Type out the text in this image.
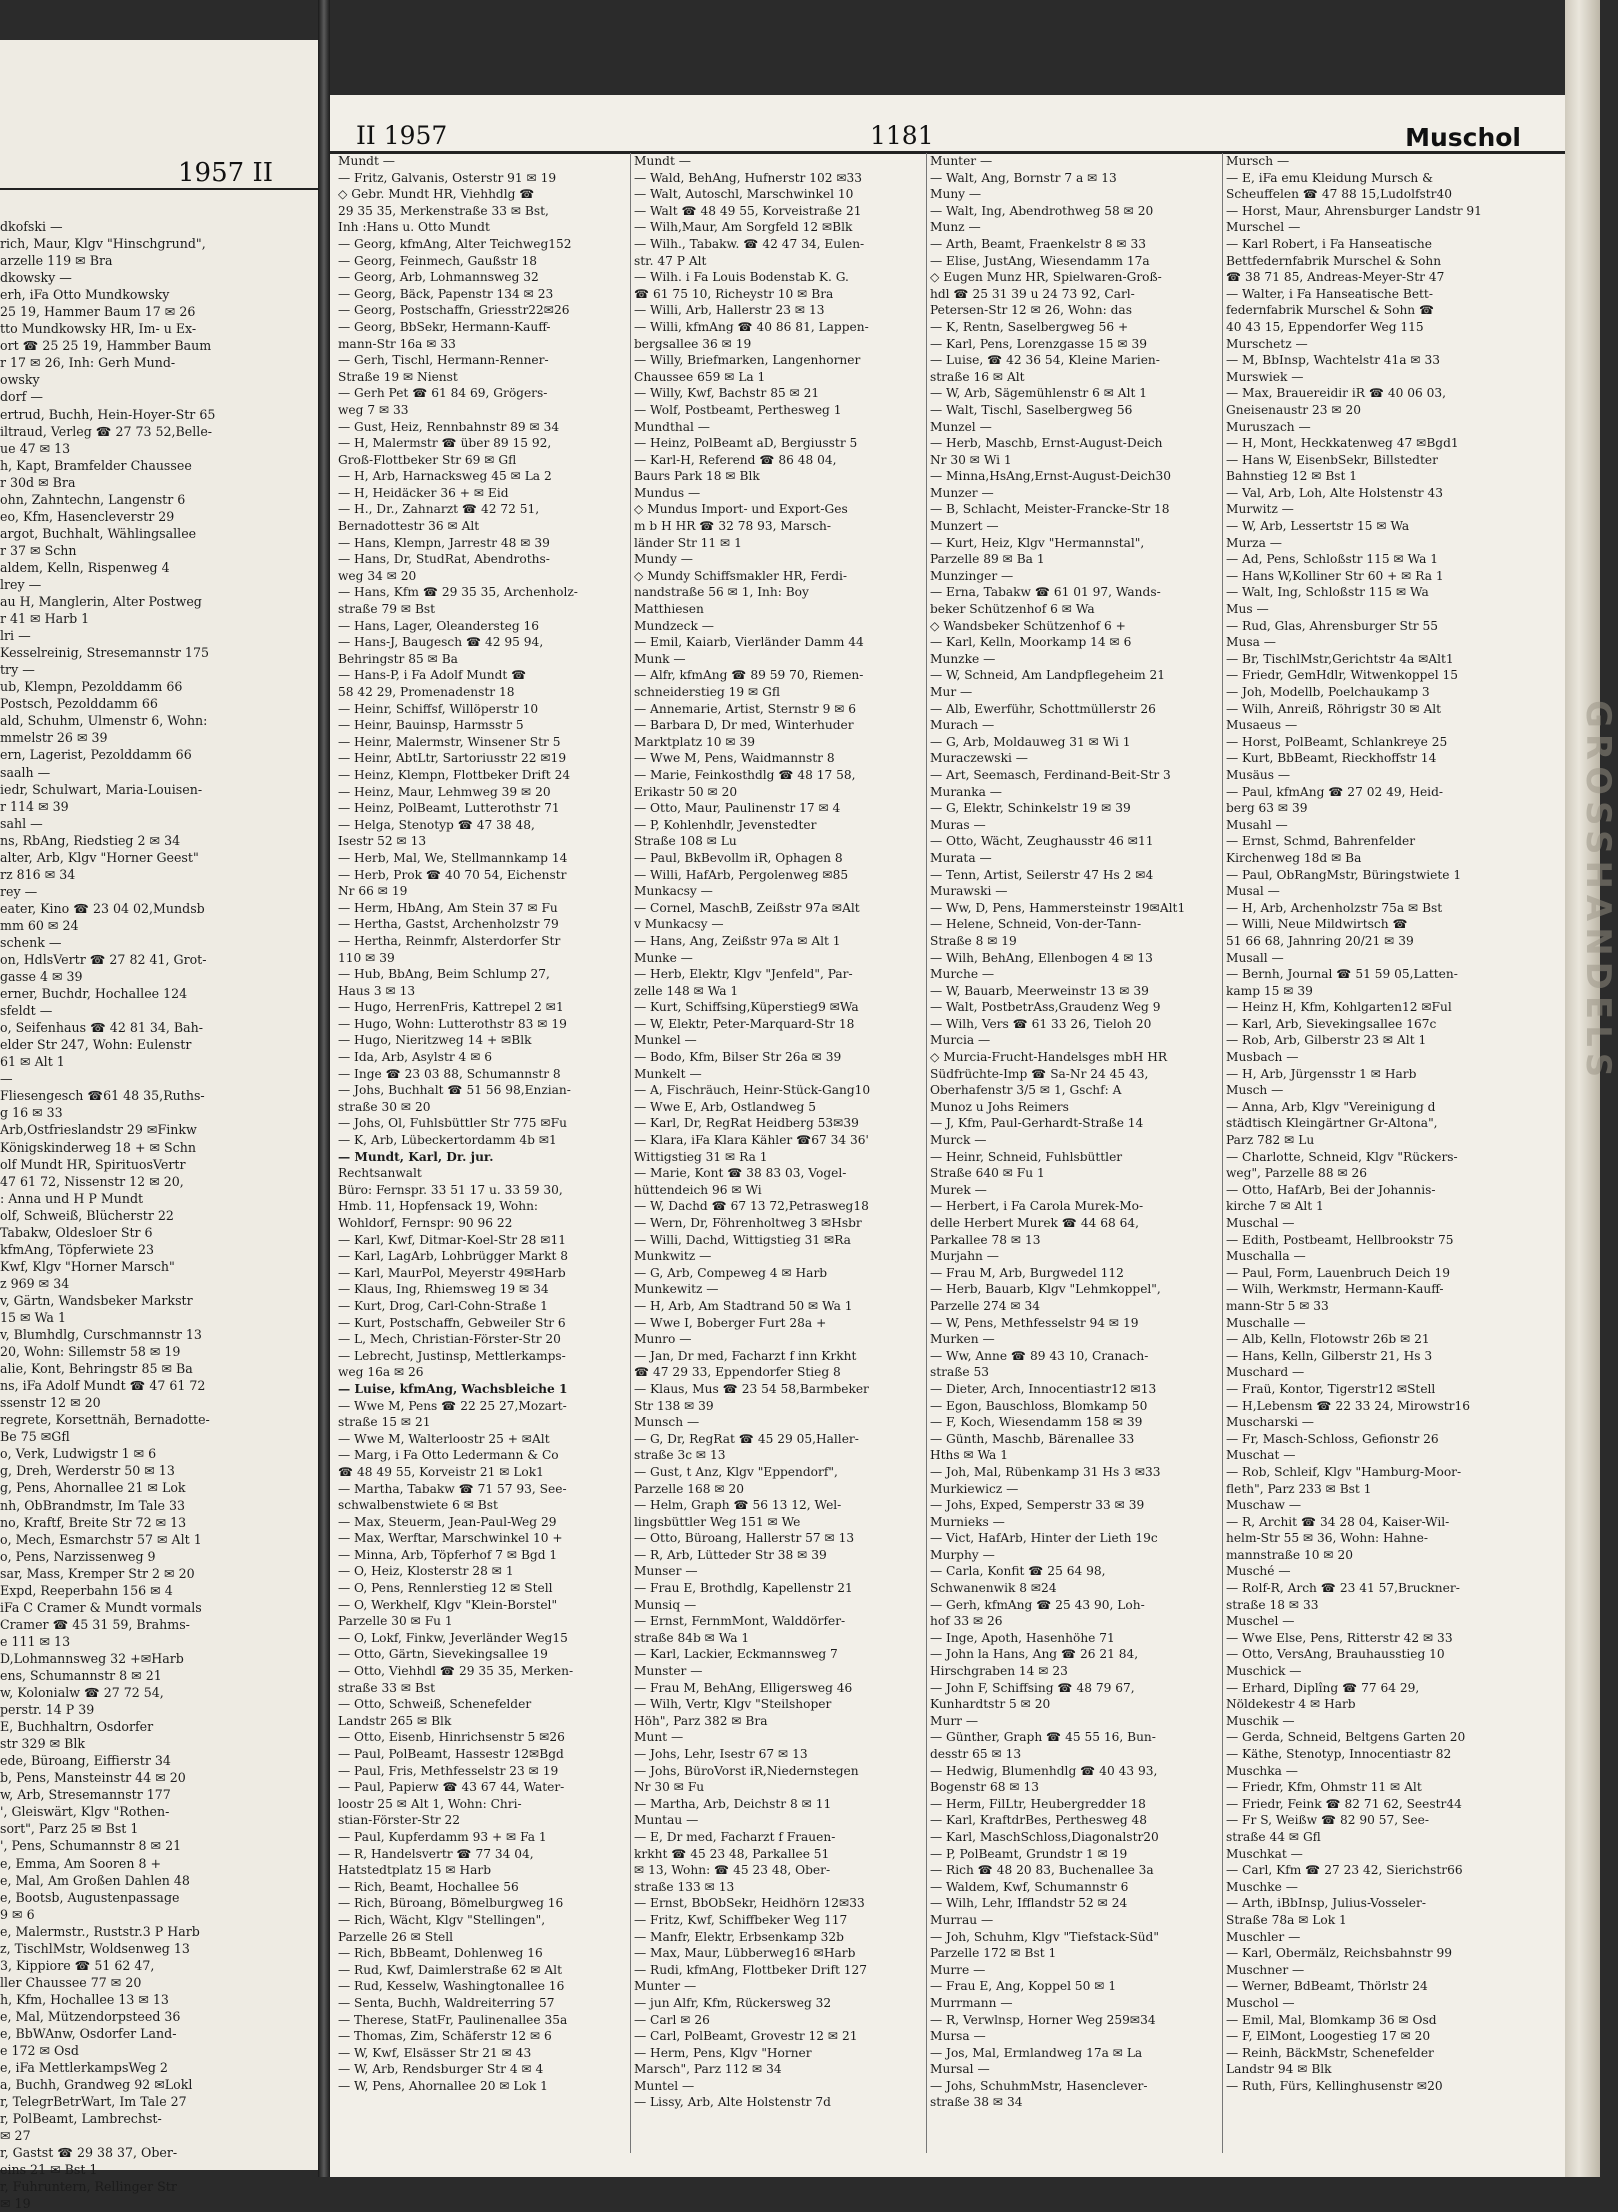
1957 II
dkofski —
rich, Maur, Klgv "Hinschgrund",
arzelle 119 ✉ Bra
dkowsky —
erh, iFa Otto Mundkowsky
25 19, Hammer Baum 17 ✉ 26
tto Mundkowsky HR, Im- u Ex-
ort ☎ 25 25 19, Hammber Baum
r 17 ✉ 26, Inh: Gerh Mund-
owsky
dorf —
ertrud, Buchh, Hein-Hoyer-Str 65
iltraud, Verleg ☎ 27 73 52,Belle-
ue 47 ✉ 13
h, Kapt, Bramfelder Chaussee
r 30d ✉ Bra
ohn, Zahntechn, Langenstr 6
eo, Kfm, Hasencleverstr 29
argot, Buchhalt, Wählingsallee
r 37 ✉ Schn
aldem, Kelln, Rispenweg 4
lrey —
au H, Manglerin, Alter Postweg
r 41 ✉ Harb 1
lri —
Kesselreinig, Stresemannstr 175
try —
ub, Klempn, Pezolddamm 66
Postsch, Pezolddamm 66
ald, Schuhm, Ulmenstr 6, Wohn:
mmelstr 26 ✉ 39
ern, Lagerist, Pezolddamm 66
saalh —
iedr, Schulwart, Maria-Louisen-
r 114 ✉ 39
sahl —
ns, RbAng, Riedstieg 2 ✉ 34
alter, Arb, Klgv "Horner Geest"
rz 816 ✉ 34
rey —
eater, Kino ☎ 23 04 02,Mundsb
mm 60 ✉ 24
schenk —
on, HdlsVertr ☎ 27 82 41, Grot-
gasse 4 ✉ 39
erner, Buchdr, Hochallee 124
sfeldt —
o, Seifenhaus ☎ 42 81 34, Bah-
elder Str 247, Wohn: Eulenstr
61 ✉ Alt 1
—
Fliesengesch ☎61 48 35,Ruths-
g 16 ✉ 33
Arb,Ostfrieslandstr 29 ✉Finkw
Königskinderweg 18 + ✉ Schn
olf Mundt HR, SpirituosVertr
47 61 72, Nissenstr 12 ✉ 20,
: Anna und H P Mundt
olf, Schweiß, Blücherstr 22
Tabakw, Oldesloer Str 6
kfmAng, Töpferwiete 23
Kwf, Klgv "Horner Marsch"
z 969 ✉ 34
v, Gärtn, Wandsbeker Markstr
15 ✉ Wa 1
v, Blumhdlg, Curschmannstr 13
20, Wohn: Sillemstr 58 ✉ 19
alie, Kont, Behringstr 85 ✉ Ba
ns, iFa Adolf Mundt ☎ 47 61 72
ssenstr 12 ✉ 20
regrete, Korsettnäh, Bernadotte-
Be 75 ✉Gfl
o, Verk, Ludwigstr 1 ✉ 6
g, Dreh, Werderstr 50 ✉ 13
g, Pens, Ahornallee 21 ✉ Lok
nh, ObBrandmstr, Im Tale 33
no, Kraftf, Breite Str 72 ✉ 13
o, Mech, Esmarchstr 57 ✉ Alt 1
o, Pens, Narzissenweg 9
sar, Mass, Kremper Str 2 ✉ 20
Expd, Reeperbahn 156 ✉ 4
iFa C Cramer & Mundt vormals
Cramer ☎ 45 31 59, Brahms-
e 111 ✉ 13
D,Lohmannsweg 32 +✉Harb
ens, Schumannstr 8 ✉ 21
w, Kolonialw ☎ 27 72 54,
perstr. 14 P 39
E, Buchhaltrn, Osdorfer
str 329 ✉ Blk
ede, Büroang, Eiffierstr 34
b, Pens, Mansteinstr 44 ✉ 20
w, Arb, Stresemannstr 177
', Gleiswärt, Klgv "Rothen-
sort", Parz 25 ✉ Bst 1
', Pens, Schumannstr 8 ✉ 21
e, Emma, Am Sooren 8 +
e, Mal, Am Großen Dahlen 48
e, Bootsb, Augustenpassage
9 ✉ 6
e, Malermstr., Ruststr.3 P Harb
z, TischlMstr, Woldsenweg 13
3, Kippiore ☎ 51 62 47,
ller Chaussee 77 ✉ 20
h, Kfm, Hochallee 13 ✉ 13
e, Mal, Mützendorpsteed 36
e, BbWAnw, Osdorfer Land-
e 172 ✉ Osd
e, iFa MettlerkampsWeg 2
a, Buchh, Grandweg 92 ✉Lokl
r, TelegrBetrWart, Im Tale 27
r, PolBeamt, Lambrechst-
✉ 27
r, Gastst ☎ 29 38 37, Ober-
eins 21 ✉ Bst 1
r, Fuhruntern, Rellinger Str
✉ 19
II 1957	1181	Muschol
Mundt —
— Fritz, Galvanis, Osterstr 91 ✉ 19
◇ Gebr. Mundt HR, Viehhdlg ☎
29 35 35, Merkenstraße 33 ✉ Bst,
Inh :Hans u. Otto Mundt
— Georg, kfmAng, Alter Teichweg152
— Georg, Feinmech, Gaußstr 18
— Georg, Arb, Lohmannsweg 32
— Georg, Bäck, Papenstr 134 ✉ 23
— Georg, Postschaffn, Griesstr22✉26
— Georg, BbSekr, Hermann-Kauff-
mann-Str 16a ✉ 33
— Gerh, Tischl, Hermann-Renner-
Straße 19 ✉ Nienst
— Gerh Pet ☎ 61 84 69, Grögers-
weg 7 ✉ 33
— Gust, Heiz, Rennbahnstr 89 ✉ 34
— H, Malermstr ☎ über 89 15 92,
Groß-Flottbeker Str 69 ✉ Gfl
— H, Arb, Harnacksweg 45 ✉ La 2
— H, Heidäcker 36 + ✉ Eid
— H., Dr., Zahnarzt ☎ 42 72 51,
Bernadottestr 36 ✉ Alt
— Hans, Klempn, Jarrestr 48 ✉ 39
— Hans, Dr, StudRat, Abendroths-
weg 34 ✉ 20
— Hans, Kfm ☎ 29 35 35, Archenholz-
straße 79 ✉ Bst
— Hans, Lager, Oleandersteg 16
— Hans-J, Baugesch ☎ 42 95 94,
Behringstr 85 ✉ Ba
— Hans-P, i Fa Adolf Mundt ☎
58 42 29, Promenadenstr 18
— Heinr, Schiffsf, Willöperstr 10
— Heinr, Bauinsp, Harmsstr 5
— Heinr, Malermstr, Winsener Str 5
— Heinr, AbtLtr, Sartoriusstr 22 ✉19
— Heinz, Klempn, Flottbeker Drift 24
— Heinz, Maur, Lehmweg 39 ✉ 20
— Heinz, PolBeamt, Lutterothstr 71
— Helga, Stenotyp ☎ 47 38 48,
Isestr 52 ✉ 13
— Herb, Mal, We, Stellmannkamp 14
— Herb, Prok ☎ 40 70 54, Eichenstr
Nr 66 ✉ 19
— Herm, HbAng, Am Stein 37 ✉ Fu
— Hertha, Gastst, Archenholzstr 79
— Hertha, Reinmfr, Alsterdorfer Str
110 ✉ 39
— Hub, BbAng, Beim Schlump 27,
Haus 3 ✉ 13
— Hugo, HerrenFris, Kattrepel 2 ✉1
— Hugo, Wohn: Lutterothstr 83 ✉ 19
— Hugo, Nieritzweg 14 + ✉Blk
— Ida, Arb, Asylstr 4 ✉ 6
— Inge ☎ 23 03 88, Schumannstr 8
— Johs, Buchhalt ☎ 51 56 98,Enzian-
straße 30 ✉ 20
— Johs, Ol, Fuhlsbüttler Str 775 ✉Fu
— K, Arb, Lübeckertordamm 4b ✉1
— Mundt, Karl, Dr. jur.
Rechtsanwalt
Büro: Fernspr. 33 51 17 u. 33 59 30,
Hmb. 11, Hopfensack 19, Wohn:
Wohldorf, Fernspr: 90 96 22
— Karl, Kwf, Ditmar-Koel-Str 28 ✉11
— Karl, LagArb, Lohbrügger Markt 8
— Karl, MaurPol, Meyerstr 49✉Harb
— Klaus, Ing, Rhiemsweg 19 ✉ 34
— Kurt, Drog, Carl-Cohn-Straße 1
— Kurt, Postschaffn, Gebweiler Str 6
— L, Mech, Christian-Förster-Str 20
— Lebrecht, Justinsp, Mettlerkamps-
weg 16a ✉ 26
— Luise, kfmAng, Wachsbleiche 1
— Wwe M, Pens ☎ 22 25 27,Mozart-
straße 15 ✉ 21
— Wwe M, Walterloostr 25 + ✉Alt
— Marg, i Fa Otto Ledermann & Co
☎ 48 49 55, Korveistr 21 ✉ Lok1
— Martha, Tabakw ☎ 71 57 93, See-
schwalbenstwiete 6 ✉ Bst
— Max, Steuerm, Jean-Paul-Weg 29
— Max, Werftar, Marschwinkel 10 +
— Minna, Arb, Töpferhof 7 ✉ Bgd 1
— O, Heiz, Klosterstr 28 ✉ 1
— O, Pens, Rennlerstieg 12 ✉ Stell
— O, Werkhelf, Klgv "Klein-Borstel"
Parzelle 30 ✉ Fu 1
— O, Lokf, Finkw, Jeverländer Weg15
— Otto, Gärtn, Sievekingsallee 19
— Otto, Viehhdl ☎ 29 35 35, Merken-
straße 33 ✉ Bst
— Otto, Schweiß, Schenefelder
Landstr 265 ✉ Blk
— Otto, Eisenb, Hinrichsenstr 5 ✉26
— Paul, PolBeamt, Hassestr 12✉Bgd
— Paul, Fris, Methfesselstr 23 ✉ 19
— Paul, Papierw ☎ 43 67 44, Water-
loostr 25 ✉ Alt 1, Wohn: Chri-
stian-Förster-Str 22
— Paul, Kupferdamm 93 + ✉ Fa 1
— R, Handelsvertr ☎ 77 34 04,
Hatstedtplatz 15 ✉ Harb
— Rich, Beamt, Hochallee 56
— Rich, Büroang, Bömelburgweg 16
— Rich, Wächt, Klgv "Stellingen",
Parzelle 26 ✉ Stell
— Rich, BbBeamt, Dohlenweg 16
— Rud, Kwf, Daimlerstraße 62 ✉ Alt
— Rud, Kesselw, Washingtonallee 16
— Senta, Buchh, Waldreiterring 57
— Therese, StatFr, Paulinenallee 35a
— Thomas, Zim, Schäferstr 12 ✉ 6
— W, Kwf, Elsässer Str 21 ✉ 43
— W, Arb, Rendsburger Str 4 ✉ 4
— W, Pens, Ahornallee 20 ✉ Lok 1
Mundt —
— Wald, BehAng, Hufnerstr 102 ✉33
— Walt, Autoschl, Marschwinkel 10
— Walt ☎ 48 49 55, Korveistraße 21
— Wilh,Maur, Am Sorgfeld 12 ✉Blk
— Wilh., Tabakw. ☎ 42 47 34, Eulen-
str. 47 P Alt
— Wilh. i Fa Louis Bodenstab K. G.
☎ 61 75 10, Richeystr 10 ✉ Bra
— Willi, Arb, Hallerstr 23 ✉ 13
— Willi, kfmAng ☎ 40 86 81, Lappen-
bergsallee 36 ✉ 19
— Willy, Briefmarken, Langenhorner
Chaussee 659 ✉ La 1
— Willy, Kwf, Bachstr 85 ✉ 21
— Wolf, Postbeamt, Perthesweg 1
Mundthal —
— Heinz, PolBeamt aD, Bergiusstr 5
— Karl-H, Referend ☎ 86 48 04,
Baurs Park 18 ✉ Blk
Mundus —
◇ Mundus Import- und Export-Ges
m b H HR ☎ 32 78 93, Marsch-
länder Str 11 ✉ 1
Mundy —
◇ Mundy Schiffsmakler HR, Ferdi-
nandstraße 56 ✉ 1, Inh: Boy
Matthiesen
Mundzeck —
— Emil, Kaiarb, Vierländer Damm 44
Munk —
— Alfr, kfmAng ☎ 89 59 70, Riemen-
schneiderstieg 19 ✉ Gfl
— Annemarie, Artist, Sternstr 9 ✉ 6
— Barbara D, Dr med, Winterhuder
Marktplatz 10 ✉ 39
— Wwe M, Pens, Waidmannstr 8
— Marie, Feinkosthdlg ☎ 48 17 58,
Erikastr 50 ✉ 20
— Otto, Maur, Paulinenstr 17 ✉ 4
— P, Kohlenhdlr, Jevenstedter
Straße 108 ✉ Lu
— Paul, BkBevollm iR, Ophagen 8
— Willi, HafArb, Pergolenweg ✉85
Munkacsy —
— Cornel, MaschB, Zeißstr 97a ✉Alt
v Munkacsy —
— Hans, Ang, Zeißstr 97a ✉ Alt 1
Munke —
— Herb, Elektr, Klgv "Jenfeld", Par-
zelle 148 ✉ Wa 1
— Kurt, Schiffsing,Küperstieg9 ✉Wa
— W, Elektr, Peter-Marquard-Str 18
Munkel —
— Bodo, Kfm, Bilser Str 26a ✉ 39
Munkelt —
— A, Fischräuch, Heinr-Stück-Gang10
— Wwe E, Arb, Ostlandweg 5
— Karl, Dr, RegRat Heidberg 53✉39
— Klara, iFa Klara Kähler ☎67 34 36'
Wittigstieg 31 ✉ Ra 1
— Marie, Kont ☎ 38 83 03, Vogel-
hüttendeich 96 ✉ Wi
— W, Dachd ☎ 67 13 72,Petrasweg18
— Wern, Dr, Föhrenholtweg 3 ✉Hsbr
— Willi, Dachd, Wittigstieg 31 ✉Ra
Munkwitz —
— G, Arb, Compeweg 4 ✉ Harb
Munkewitz —
— H, Arb, Am Stadtrand 50 ✉ Wa 1
— Wwe I, Boberger Furt 28a +
Munro —
— Jan, Dr med, Facharzt f inn Krkht
☎ 47 29 33, Eppendorfer Stieg 8
— Klaus, Mus ☎ 23 54 58,Barmbeker
Str 138 ✉ 39
Munsch —
— G, Dr, RegRat ☎ 45 29 05,Haller-
straße 3c ✉ 13
— Gust, t Anz, Klgv "Eppendorf",
Parzelle 168 ✉ 20
— Helm, Graph ☎ 56 13 12, Wel-
lingsbüttler Weg 151 ✉ We
— Otto, Büroang, Hallerstr 57 ✉ 13
— R, Arb, Lütteder Str 38 ✉ 39
Munser —
— Frau E, Brothdlg, Kapellenstr 21
Munsiq —
— Ernst, FernmMont, Walddörfer-
straße 84b ✉ Wa 1
— Karl, Lackier, Eckmannsweg 7
Munster —
— Frau M, BehAng, Elligersweg 46
— Wilh, Vertr, Klgv "Steilshoper
Höh", Parz 382 ✉ Bra
Munt —
— Johs, Lehr, Isestr 67 ✉ 13
— Johs, BüroVorst iR,Niedernstegen
Nr 30 ✉ Fu
— Martha, Arb, Deichstr 8 ✉ 11
Muntau —
— E, Dr med, Facharzt f Frauen-
krkht ☎ 45 23 48, Parkallee 51
✉ 13, Wohn: ☎ 45 23 48, Ober-
straße 133 ✉ 13
— Ernst, BbObSekr, Heidhörn 12✉33
— Fritz, Kwf, Schiffbeker Weg 117
— Manfr, Elektr, Erbsenkamp 32b
— Max, Maur, Lübberweg16 ✉Harb
— Rudi, kfmAng, Flottbeker Drift 127
Munter —
— jun Alfr, Kfm, Rückersweg 32
— Carl ✉ 26
— Carl, PolBeamt, Grovestr 12 ✉ 21
— Herm, Pens, Klgv "Horner
Marsch", Parz 112 ✉ 34
Muntel —
— Lissy, Arb, Alte Holstenstr 7d
Munter —
— Walt, Ang, Bornstr 7 a ✉ 13
Muny —
— Walt, Ing, Abendrothweg 58 ✉ 20
Munz —
— Arth, Beamt, Fraenkelstr 8 ✉ 33
— Elise, JustAng, Wiesendamm 17a
◇ Eugen Munz HR, Spielwaren-Groß-
hdl ☎ 25 31 39 u 24 73 92, Carl-
Petersen-Str 12 ✉ 26, Wohn: das
— K, Rentn, Saselbergweg 56 +
— Karl, Pens, Lorenzgasse 15 ✉ 39
— Luise, ☎ 42 36 54, Kleine Marien-
straße 16 ✉ Alt
— W, Arb, Sägemühlenstr 6 ✉ Alt 1
— Walt, Tischl, Saselbergweg 56
Munzel —
— Herb, Maschb, Ernst-August-Deich
Nr 30 ✉ Wi 1
— Minna,HsAng,Ernst-August-Deich30
Munzer —
— B, Schlacht, Meister-Francke-Str 18
Munzert —
— Kurt, Heiz, Klgv "Hermannstal",
Parzelle 89 ✉ Ba 1
Munzinger —
— Erna, Tabakw ☎ 61 01 97, Wands-
beker Schützenhof 6 ✉ Wa
◇ Wandsbeker Schützenhof 6 +
— Karl, Kelln, Moorkamp 14 ✉ 6
Munzke —
— W, Schneid, Am Landpflegeheim 21
Mur —
— Alb, Ewerführ, Schottmüllerstr 26
Murach —
— G, Arb, Moldauweg 31 ✉ Wi 1
Muraczewski —
— Art, Seemasch, Ferdinand-Beit-Str 3
Muranka —
— G, Elektr, Schinkelstr 19 ✉ 39
Muras —
— Otto, Wächt, Zeughausstr 46 ✉11
Murata —
— Tenn, Artist, Seilerstr 47 Hs 2 ✉4
Murawski —
— Ww, D, Pens, Hammersteinstr 19✉Alt1
— Helene, Schneid, Von-der-Tann-
Straße 8 ✉ 19
— Wilh, BehAng, Ellenbogen 4 ✉ 13
Murche —
— W, Bauarb, Meerweinstr 13 ✉ 39
— Walt, PostbetrAss,Graudenz Weg 9
— Wilh, Vers ☎ 61 33 26, Tieloh 20
Murcia —
◇ Murcia-Frucht-Handelsges mbH HR
Südfrüchte-Imp ☎ Sa-Nr 24 45 43,
Oberhafenstr 3/5 ✉ 1, Gschf: A
Munoz u Johs Reimers
— J, Kfm, Paul-Gerhardt-Straße 14
Murck —
— Heinr, Schneid, Fuhlsbüttler
Straße 640 ✉ Fu 1
Murek —
— Herbert, i Fa Carola Murek-Mo-
delle Herbert Murek ☎ 44 68 64,
Parkallee 78 ✉ 13
Murjahn —
— Frau M, Arb, Burgwedel 112
— Herb, Bauarb, Klgv "Lehmkoppel",
Parzelle 274 ✉ 34
— W, Pens, Methfesselstr 94 ✉ 19
Murken —
— Ww, Anne ☎ 89 43 10, Cranach-
straße 53
— Dieter, Arch, Innocentiastr12 ✉13
— Egon, Bauschloss, Blomkamp 50
— F, Koch, Wiesendamm 158 ✉ 39
— Günth, Maschb, Bärenallee 33
Hths ✉ Wa 1
— Joh, Mal, Rübenkamp 31 Hs 3 ✉33
Murkiewicz —
— Johs, Exped, Semperstr 33 ✉ 39
Murnieks —
— Vict, HafArb, Hinter der Lieth 19c
Murphy —
— Carla, Konfit ☎ 25 64 98,
Schwanenwik 8 ✉24
— Gerh, kfmAng ☎ 25 43 90, Loh-
hof 33 ✉ 26
— Inge, Apoth, Hasenhöhe 71
— John la Hans, Ang ☎ 26 21 84,
Hirschgraben 14 ✉ 23
— John F, Schiffsing ☎ 48 79 67,
Kunhardtstr 5 ✉ 20
Murr —
— Günther, Graph ☎ 45 55 16, Bun-
desstr 65 ✉ 13
— Hedwig, Blumenhdlg ☎ 40 43 93,
Bogenstr 68 ✉ 13
— Herm, FilLtr, Heubergredder 18
— Karl, KraftdrBes, Perthesweg 48
— Karl, MaschSchloss,Diagonalstr20
— P, PolBeamt, Grundstr 1 ✉ 19
— Rich ☎ 48 20 83, Buchenallee 3a
— Waldem, Kwf, Schumannstr 6
— Wilh, Lehr, Ifflandstr 52 ✉ 24
Murrau —
— Joh, Schuhm, Klgv "Tiefstack-Süd"
Parzelle 172 ✉ Bst 1
Murre —
— Frau E, Ang, Koppel 50 ✉ 1
Murrmann —
— R, Verwlnsp, Horner Weg 259✉34
Mursa —
— Jos, Mal, Ermlandweg 17a ✉ La
Mursal —
— Johs, SchuhmMstr, Hasenclever-
straße 38 ✉ 34
Mursch —
— E, iFa emu Kleidung Mursch &
Scheuffelen ☎ 47 88 15,Ludolfstr40
— Horst, Maur, Ahrensburger Landstr 91
Murschel —
— Karl Robert, i Fa Hanseatische
Bettfedernfabrik Murschel & Sohn
☎ 38 71 85, Andreas-Meyer-Str 47
— Walter, i Fa Hanseatische Bett-
federnfabrik Murschel & Sohn ☎
40 43 15, Eppendorfer Weg 115
Murschetz —
— M, BbInsp, Wachtelstr 41a ✉ 33
Murswiek —
— Max, Brauereidir iR ☎ 40 06 03,
Gneisenaustr 23 ✉ 20
Muruszach —
— H, Mont, Heckkatenweg 47 ✉Bgd1
— Hans W, EisenbSekr, Billstedter
Bahnstieg 12 ✉ Bst 1
— Val, Arb, Loh, Alte Holstenstr 43
Murwitz —
— W, Arb, Lessertstr 15 ✉ Wa
Murza —
— Ad, Pens, Schloßstr 115 ✉ Wa 1
— Hans W,Kolliner Str 60 + ✉ Ra 1
— Walt, Ing, Schloßstr 115 ✉ Wa
Mus —
— Rud, Glas, Ahrensburger Str 55
Musa —
— Br, TischlMstr,Gerichtstr 4a ✉Alt1
— Friedr, GemHdlr, Witwenkoppel 15
— Joh, Modellb, Poelchaukamp 3
— Wilh, Anreiß, Röhrigstr 30 ✉ Alt
Musaeus —
— Horst, PolBeamt, Schlankreye 25
— Kurt, BbBeamt, Rieckhoffstr 14
Musäus —
— Paul, kfmAng ☎ 27 02 49, Heid-
berg 63 ✉ 39
Musahl —
— Ernst, Schmd, Bahrenfelder
Kirchenweg 18d ✉ Ba
— Paul, ObRangMstr, Büringstwiete 1
Musal —
— H, Arb, Archenholzstr 75a ✉ Bst
— Willi, Neue Mildwirtsch ☎
51 66 68, Jahnring 20/21 ✉ 39
Musall —
— Bernh, Journal ☎ 51 59 05,Latten-
kamp 15 ✉ 39
— Heinz H, Kfm, Kohlgarten12 ✉Ful
— Karl, Arb, Sievekingsallee 167c
— Rob, Arb, Gilberstr 23 ✉ Alt 1
Musbach —
— H, Arb, Jürgensstr 1 ✉ Harb
Musch —
— Anna, Arb, Klgv "Vereinigung d
städtisch Kleingärtner Gr-Altona",
Parz 782 ✉ Lu
— Charlotte, Schneid, Klgv "Rückers-
weg", Parzelle 88 ✉ 26
— Otto, HafArb, Bei der Johannis-
kirche 7 ✉ Alt 1
Muschal —
— Edith, Postbeamt, Hellbrookstr 75
Muschalla —
— Paul, Form, Lauenbruch Deich 19
— Wilh, Werkmstr, Hermann-Kauff-
mann-Str 5 ✉ 33
Muschalle —
— Alb, Kelln, Flotowstr 26b ✉ 21
— Hans, Kelln, Gilberstr 21, Hs 3
Muschard —
— Fraü, Kontor, Tigerstr12 ✉Stell
— H,Lebensm ☎ 22 33 24, Mirowstr16
Muscharski —
— Fr, Masch-Schloss, Gefionstr 26
Muschat —
— Rob, Schleif, Klgv "Hamburg-Moor-
fleth", Parz 233 ✉ Bst 1
Muschaw —
— R, Archit ☎ 34 28 04, Kaiser-Wil-
helm-Str 55 ✉ 36, Wohn: Hahne-
mannstraße 10 ✉ 20
Musché —
— Rolf-R, Arch ☎ 23 41 57,Bruckner-
straße 18 ✉ 33
Muschel —
— Wwe Else, Pens, Ritterstr 42 ✉ 33
— Otto, VersAng, Brauhausstieg 10
Muschick —
— Erhard, Diplîng ☎ 77 64 29,
Nöldekestr 4 ✉ Harb
Muschik —
— Gerda, Schneid, Beltgens Garten 20
— Käthe, Stenotyp, Innocentiastr 82
Muschka —
— Friedr, Kfm, Ohmstr 11 ✉ Alt
— Friedr, Feink ☎ 82 71 62, Seestr44
— Fr S, Weißw ☎ 82 90 57, See-
straße 44 ✉ Gfl
Muschkat —
— Carl, Kfm ☎ 27 23 42, Sierichstr66
Muschke —
— Arth, iBbInsp, Julius-Vosseler-
Straße 78a ✉ Lok 1
Muschler —
— Karl, Obermälz, Reichsbahnstr 99
Muschner —
— Werner, BdBeamt, Thörlstr 24
Muschol —
— Emil, Mal, Blomkamp 36 ✉ Osd
— F, ElMont, Loogestieg 17 ✉ 20
— Reinh, BäckMstr, Schenefelder
Landstr 94 ✉ Blk
— Ruth, Fürs, Kellinghusenstr ✉20
GROSSHANDELS
